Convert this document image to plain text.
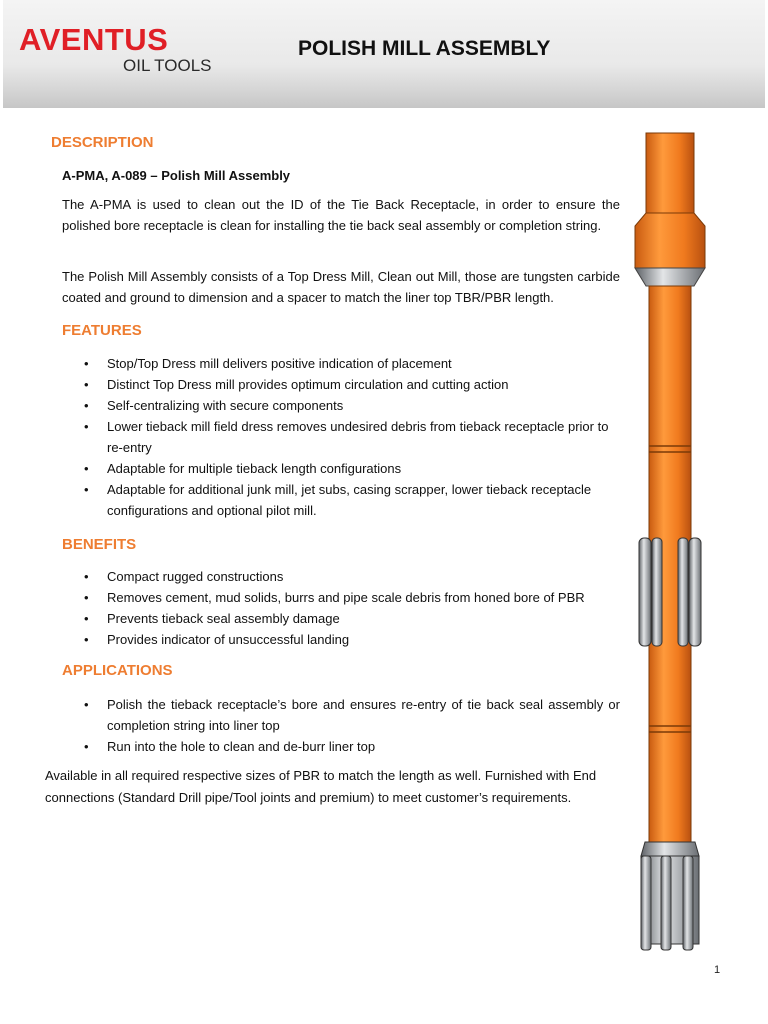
AVENTUS
OIL TOOLS
POLISH MILL ASSEMBLY
DESCRIPTION

A-PMA, A-089 – Polish Mill Assembly

The A-PMA is used to clean out the ID of the Tie Back Receptacle, in order to ensure the polished bore receptacle is clean for installing the tie back seal assembly or completion string.

The Polish Mill Assembly consists of a Top Dress Mill, Clean out Mill, those are tungsten carbide coated and ground to dimension and a spacer to match the liner top TBR/PBR length.

FEATURES
• Stop/Top Dress mill delivers positive indication of placement
• Distinct Top Dress mill provides optimum circulation and cutting action
• Self-centralizing with secure components
• Lower tieback mill field dress removes undesired debris from tieback receptacle prior to re-entry
• Adaptable for multiple tieback length configurations
• Adaptable for additional junk mill, jet subs, casing scrapper, lower tieback receptacle configurations and optional pilot mill.
BENEFITS
• Compact rugged constructions
• Removes cement, mud solids, burrs and pipe scale debris from honed bore of PBR
• Prevents tieback seal assembly damage
• Provides indicator of unsuccessful landing
APPLICATIONS
• Polish the tieback receptacle’s bore and ensures re-entry of tie back seal assembly or completion string into liner top
• Run into the hole to clean and de-burr liner top

Available in all required respective sizes of PBR to match the length as well. Furnished with End connections (Standard Drill pipe/Tool joints and premium) to meet customer’s requirements.

1
